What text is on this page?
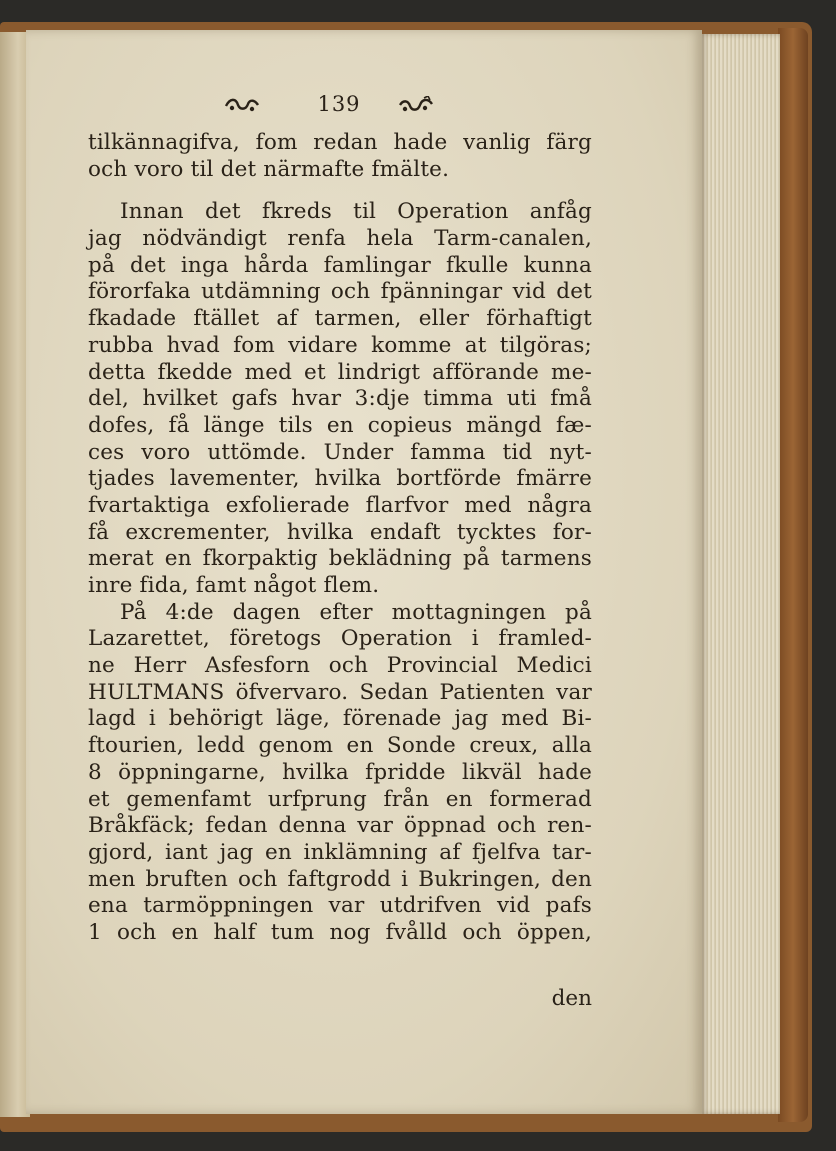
139
tilkännagifva, fom redan hade vanlig färg
och voro til det närmafte fmälte.
Innan det fkreds til Operation anfåg
jag nödvändigt renfa hela Tarm-canalen,
på det inga hårda famlingar fkulle kunna
förorfaka utdämning och fpänningar vid det
fkadade ftället af tarmen, eller förhaftigt
rubba hvad fom vidare komme at tilgöras;
detta fkedde med et lindrigt afförande me-
del, hvilket gafs hvar 3:dje timma uti fmå
dofes, få länge tils en copieus mängd fæ-
ces voro uttömde. Under famma tid nyt-
tjades lavementer, hvilka bortförde fmärre
fvartaktiga exfolierade flarfvor med några
få excrementer, hvilka endaft tycktes for-
merat en fkorpaktig beklädning på tarmens
inre fida, famt något flem.
På 4:de dagen efter mottagningen på
Lazarettet, företogs Operation i framled-
ne Herr Asfesforn och Provincial Medici
HULTMANS öfvervaro. Sedan Patienten var
lagd i behörigt läge, förenade jag med Bi-
ftourien, ledd genom en Sonde creux, alla
8 öppningarne, hvilka fpridde likväl hade
et gemenfamt urfprung från en formerad
Bråkfäck; fedan denna var öppnad och ren-
gjord, iant jag en inklämning af fjelfva tar-
men bruften och faftgrodd i Bukringen, den
ena tarmöppningen var utdrifven vid pafs
1 och en half tum nog fvålld och öppen,
den
